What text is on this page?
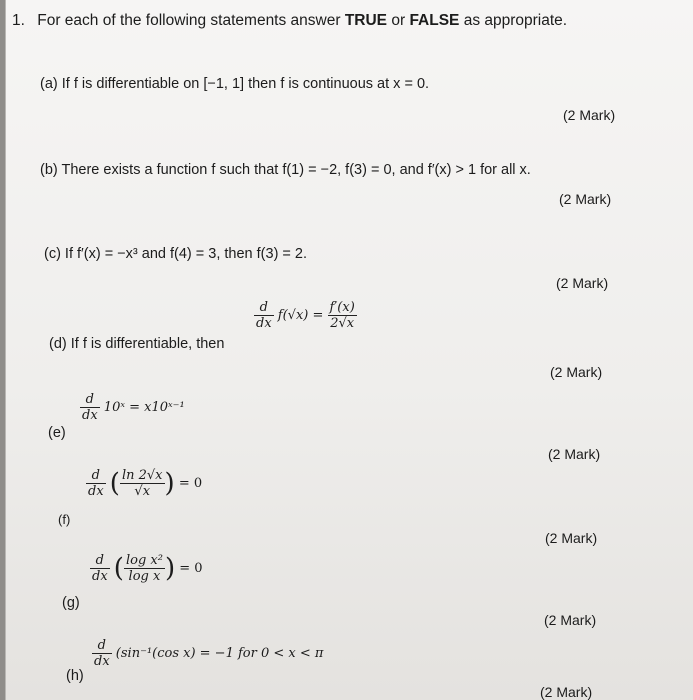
1. For each of the following statements answer TRUE or FALSE as appropriate.
(a) If f is differentiable on [−1, 1] then f is continuous at x = 0.
(2 Mark)
(b) There exists a function f such that f(1) = −2, f(3) = 0, and f′(x) > 1 for all x.
(2 Mark)
(c) If f′(x) = −x³ and f(4) = 3, then f(3) = 2.
(2 Mark)
$\frac{d}{dx} f(√x) = \frac{f'(x)}{2√x}$
(d) If f is differentiable, then
(2 Mark)
$\frac{d}{dx}$ 10ˣ = x10ˣ⁻¹
(e)
(2 Mark)
$\frac{d}{dx}$ ( $\frac{\ln 2√x}{√x}$ ) = 0
(f)
(2 Mark)
$\frac{d}{dx}$ ( $\frac{\text{log x²}}{\text{log x}}$ ) = 0
(g)
(2 Mark)
$\frac{d}{dx} (\sin^{-1}(\cos$ x) = −1 for 0 < x < π
(h)
(2 Mark)
